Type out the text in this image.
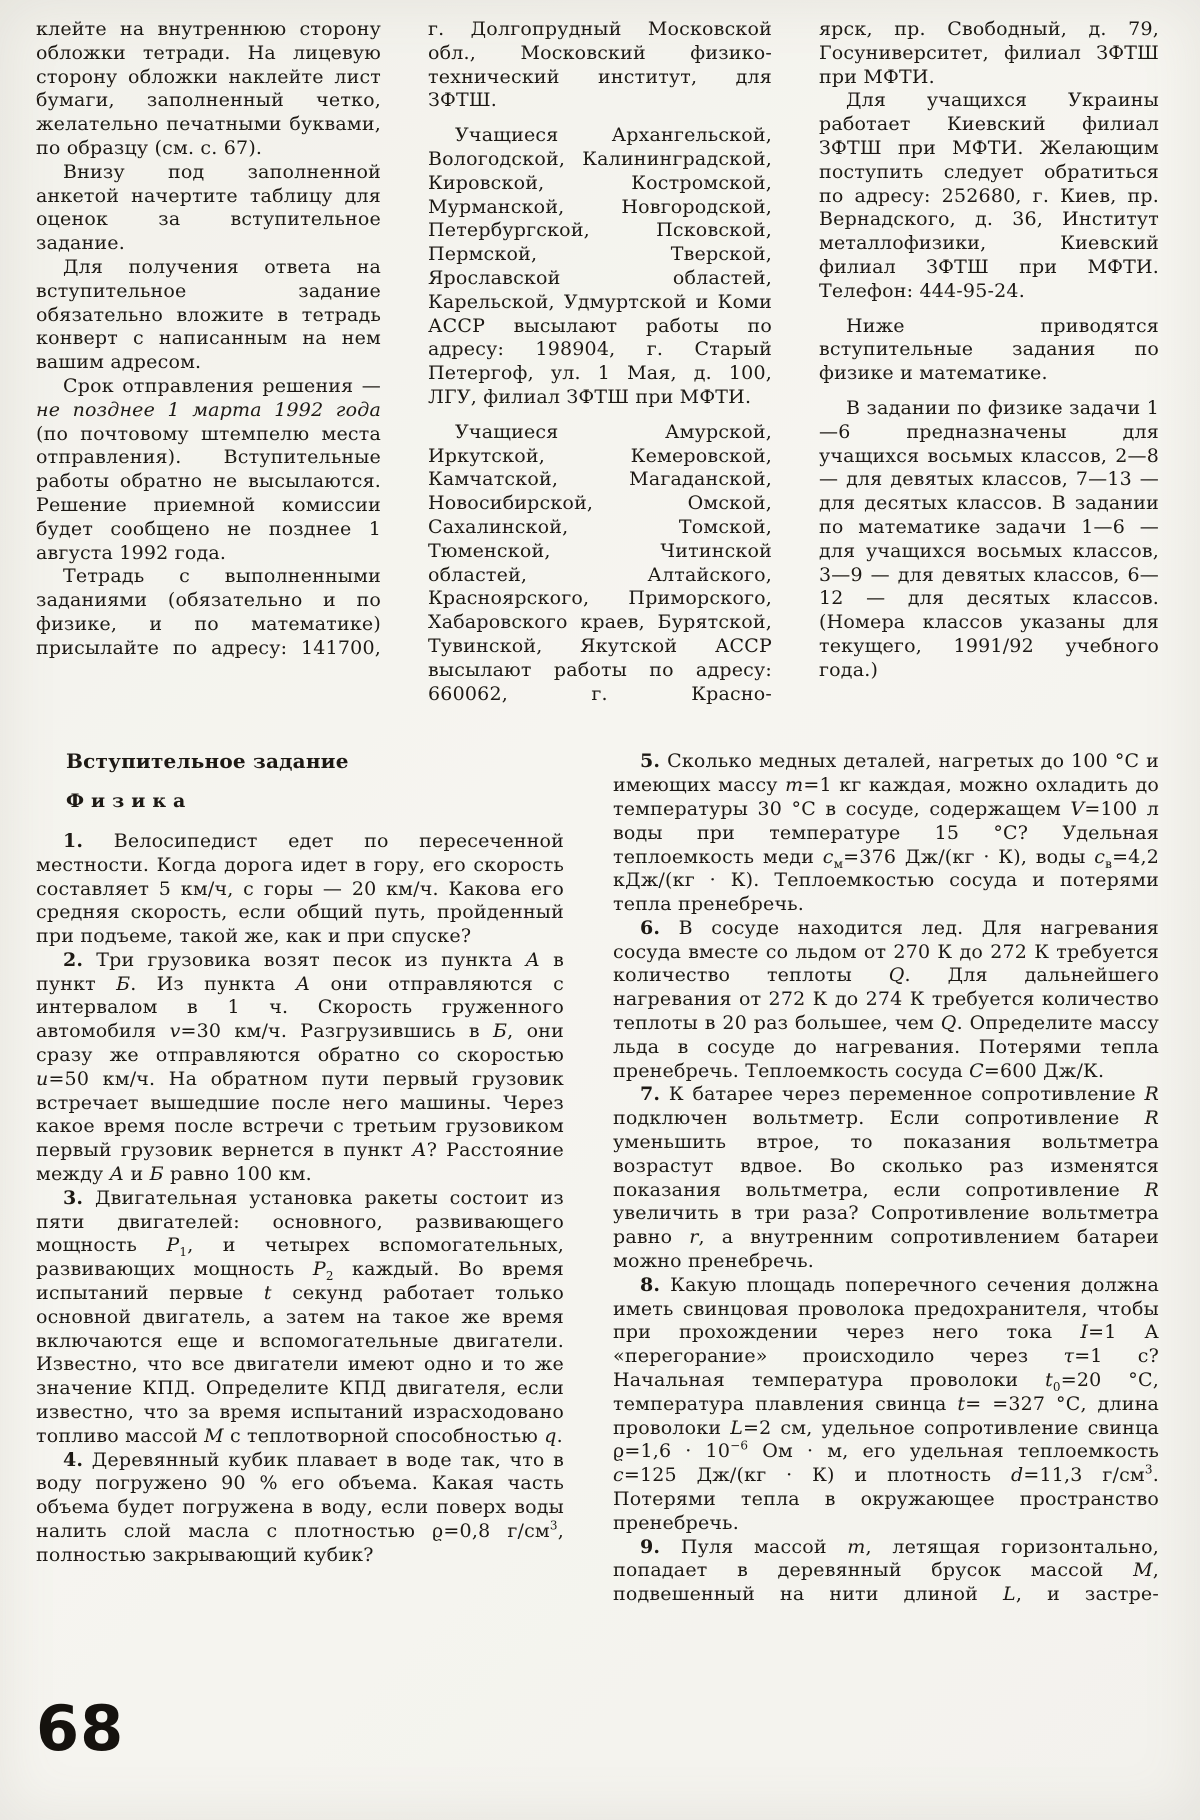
клейте на внутреннюю сторону обложки тетради. На лицевую сторону обложки наклейте лист бумаги, заполненный четко, желательно печатными буквами, по образцу (см. с. 67).

Внизу под заполненной анкетой начертите таблицу для оценок за вступительное задание.

Для получения ответа на вступительное задание обязательно вложите в тетрадь конверт с написанным на нем вашим адресом.

Срок отправления решения — не позднее 1 марта 1992 года (по почтовому штемпелю места отправления). Вступительные работы обратно не высылаются. Решение приемной комиссии будет сообщено не позднее 1 августа 1992 года.

Тетрадь с выполненными заданиями (обязательно и по физике, и по математике) присылайте по адресу: 141700,

г. Долгопрудный Московской обл., Московский физико-технический институт, для ЗФТШ.

Учащиеся Архангельской, Вологодской, Калининградской, Кировской, Костромской, Мурманской, Новгородской, Петербургской, Псковской, Пермской, Тверской, Ярославской областей, Карельской, Удмуртской и Коми АССР высылают работы по адресу: 198904, г. Старый Петергоф, ул. 1 Мая, д. 100, ЛГУ, филиал ЗФТШ при МФТИ.

Учащиеся Амурской, Иркутской, Кемеровской, Камчатской, Магаданской, Новосибирской, Омской, Сахалинской, Томской, Тюменской, Читинской областей, Алтайского, Красноярского, Приморского, Хабаровского краев, Бурятской, Тувинской, Якутской АССР высылают работы по адресу: 660062, г. Красно-

ярск, пр. Свободный, д. 79, Госуниверситет, филиал ЗФТШ при МФТИ.

Для учащихся Украины работает Киевский филиал ЗФТШ при МФТИ. Желающим поступить следует обратиться по адресу: 252680, г. Киев, пр. Вернадского, д. 36, Институт металлофизики, Киевский филиал ЗФТШ при МФТИ. Телефон: 444-95-24.

Ниже приводятся вступительные задания по физике и математике.

В задании по физике задачи 1—6 предназначены для учащихся восьмых классов, 2—8 — для девятых классов, 7—13 — для десятых классов. В задании по математике задачи 1—6 — для учащихся восьмых классов, 3—9 — для девятых классов, 6—12 — для десятых классов. (Номера классов указаны для текущего, 1991/92 учебного года.)

Вступительное задание
Физика

1. Велосипедист едет по пересеченной местности. Когда дорога идет в гору, его скорость составляет 5 км/ч, с горы — 20 км/ч. Какова его средняя скорость, если общий путь, пройденный при подъеме, такой же, как и при спуске?

2. Три грузовика возят песок из пункта А в пункт Б. Из пункта А они отправляются с интервалом в 1 ч. Скорость груженного автомобиля v=30 км/ч. Разгрузившись в Б, они сразу же отправляются обратно со скоростью u=50 км/ч. На обратном пути первый грузовик встречает вышедшие после него машины. Через какое время после встречи с третьим грузовиком первый грузовик вернется в пункт А? Расстояние между А и Б равно 100 км.

3. Двигательная установка ракеты состоит из пяти двигателей: основного, развивающего мощность $P_1$, и четырех вспомогательных, развивающих мощность $P_2$ каждый. Во время испытаний первые t секунд работает только основной двигатель, а затем на такое же время включаются еще и вспомогательные двигатели. Известно, что все двигатели имеют одно и то же значение КПД. Определите КПД двигателя, если известно, что за время испытаний израсходовано топливо массой M с теплотворной способностью q.

4. Деревянный кубик плавает в воде так, что в воду погружено 90 % его объема. Какая часть объема будет погружена в воду, если поверх воды налить слой масла с плотностью ϱ=0,8 $г/см^3$, полностью закрывающий кубик?

5. Сколько медных деталей, нагретых до 100 °С и имеющих массу m=1 кг каждая, можно охладить до температуры 30 °С в сосуде, содержащем V=100 л воды при температуре 15 °С? Удельная теплоемкость меди $c_м=376$ Дж/(кг · К), воды $c_в=4,2$ кДж/(кг · К). Теплоемкостью сосуда и потерями тепла пренебречь.

6. В сосуде находится лед. Для нагревания сосуда вместе со льдом от 270 К до 272 К требуется количество теплоты Q. Для дальнейшего нагревания от 272 К до 274 К требуется количество теплоты в 20 раз большее, чем Q. Определите массу льда в сосуде до нагревания. Потерями тепла пренебречь. Теплоемкость сосуда C=600 Дж/К.

7. К батарее через переменное сопротивление R подключен вольтметр. Если сопротивление R уменьшить втрое, то показания вольтметра возрастут вдвое. Во сколько раз изменятся показания вольтметра, если сопротивление R увеличить в три раза? Сопротивление вольтметра равно r, а внутренним сопротивлением батареи можно пренебречь.

8. Какую площадь поперечного сечения должна иметь свинцовая проволока предохранителя, чтобы при прохождении через него тока I=1 А «перегорание» происходило через τ=1 с? Начальная температура проволоки $t_0=20$ °С, температура плавления свинца t= =327 °С, длина проволоки L=2 см, удельное сопротивление свинца $ϱ=1,6 \cdot 10^{-6}$ Ом · м, его удельная теплоемкость c=125 Дж/(кг · К) и плотность d=11,3 $г/см^3$. Потерями тепла в окружающее пространство пренебречь.

9. Пуля массой m, летящая горизонтально, попадает в деревянный брусок массой M, подвешенный на нити длиной L, и застре-

68
